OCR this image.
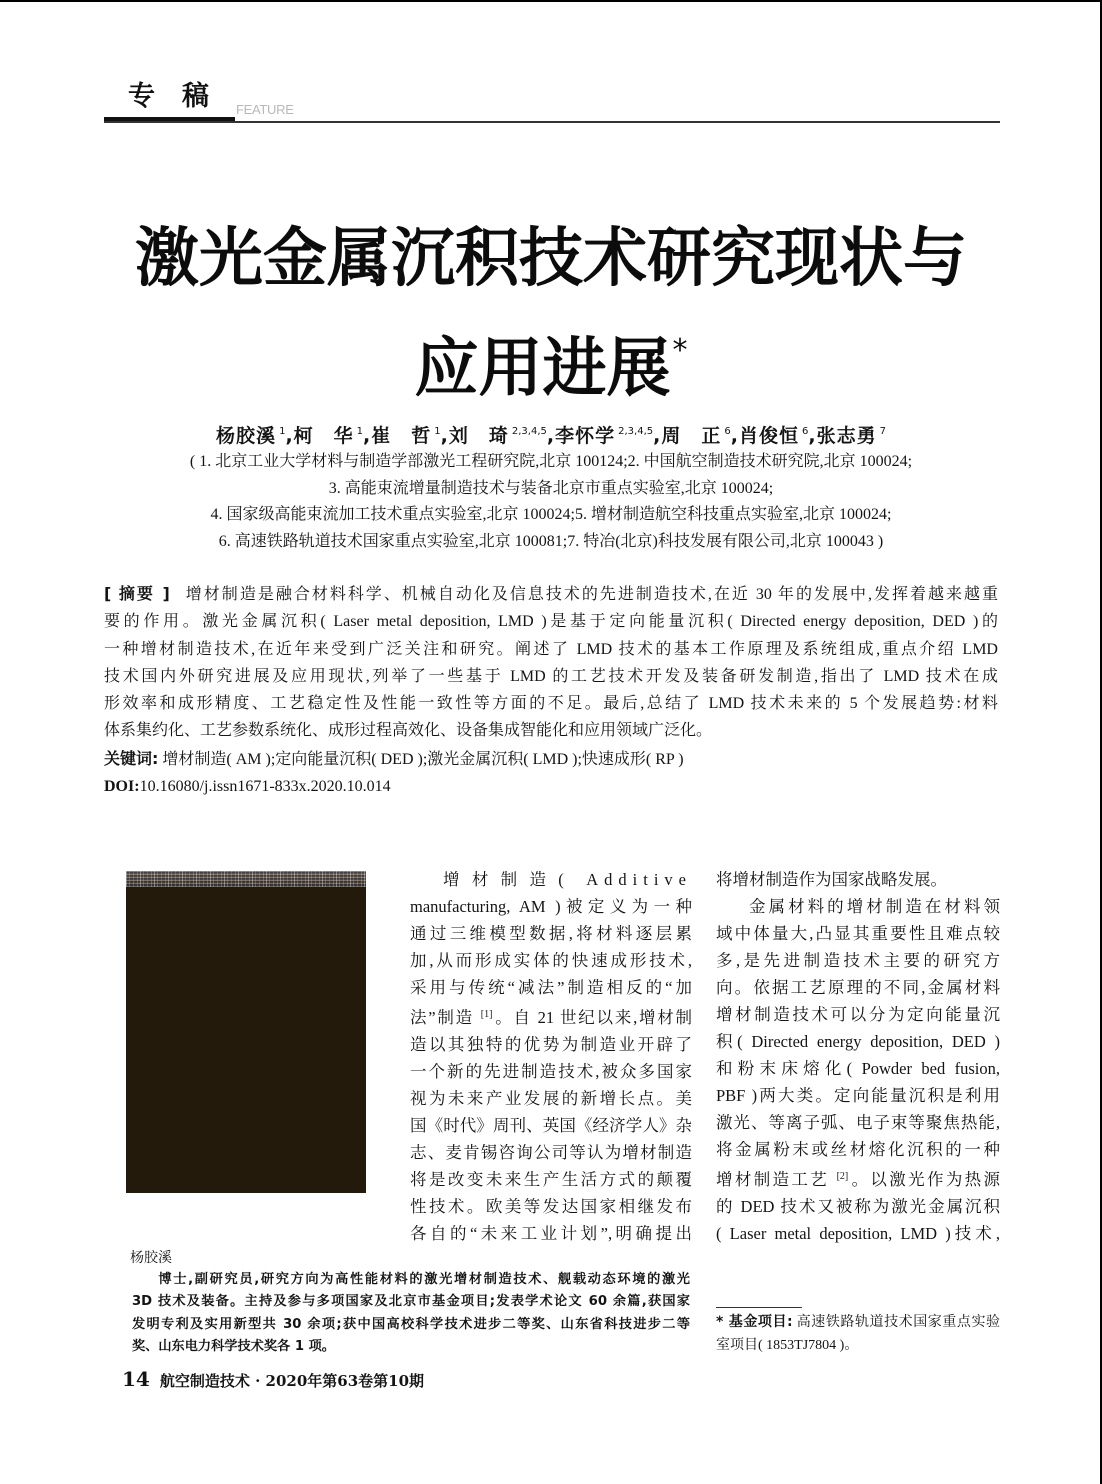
专　稿 FEATURE
激光金属沉积技术研究现状与
应用进展*
杨胶溪 $^1$,柯　华 $^1$,崔　哲 $^1$,刘　琦 $^{2,3,4,5}$,李怀学 $^{2,3,4,5}$,周　正 $^6$,肖俊恒 $^6$,张志勇 $^7$
( 1. 北京工业大学材料与制造学部激光工程研究院,北京 100124;2. 中国航空制造技术研究院,北京 100024;
3. 高能束流增量制造技术与装备北京市重点实验室,北京 100024;
4. 国家级高能束流加工技术重点实验室,北京 100024;5. 增材制造航空科技重点实验室,北京 100024;
6. 高速铁路轨道技术国家重点实验室,北京 100081;7. 特冶(北京)科技发展有限公司,北京 100043 )
[ 摘要 ] 增材制造是融合材料科学、机械自动化及信息技术的先进制造技术,在近 30 年的发展中,发挥着越来越重
要的作用。激光金属沉积( Laser metal deposition, LMD )是基于定向能量沉积( Directed energy deposition, DED )的
一种增材制造技术,在近年来受到广泛关注和研究。阐述了 LMD 技术的基本工作原理及系统组成,重点介绍 LMD
技术国内外研究进展及应用现状,列举了一些基于 LMD 的工艺技术开发及装备研发制造,指出了 LMD 技术在成
形效率和成形精度、工艺稳定性及性能一致性等方面的不足。最后,总结了 LMD 技术未来的 5 个发展趋势:材料
体系集约化、工艺参数系统化、成形过程高效化、设备集成智能化和应用领域广泛化。
关键词: 增材制造( AM );定向能量沉积( DED );激光金属沉积( LMD );快速成形( RP )
DOI:10.16080/j.issn1671-833x.2020.10.014
增材制造( Additive
manufacturing, AM )被定义为一种
通过三维模型数据,将材料逐层累
加,从而形成实体的快速成形技术,
采用与传统“减法”制造相反的“加
法”制造 [1]。自 21 世纪以来,增材制
造以其独特的优势为制造业开辟了
一个新的先进制造技术,被众多国家
视为未来产业发展的新增长点。美
国《时代》周刊、英国《经济学人》杂
志、麦肯锡咨询公司等认为增材制造
将是改变未来生产生活方式的颠覆
性技术。欧美等发达国家相继发布
各自的“未来工业计划”,明确提出
将增材制造作为国家战略发展。
金属材料的增材制造在材料领
域中体量大,凸显其重要性且难点较
多,是先进制造技术主要的研究方
向。依据工艺原理的不同,金属材料
增材制造技术可以分为定向能量沉
积( Directed energy deposition, DED )
和粉末床熔化( Powder bed fusion,
PBF )两大类。定向能量沉积是利用
激光、等离子弧、电子束等聚焦热能,
将金属粉末或丝材熔化沉积的一种
增材制造工艺 [2]。以激光作为热源
的 DED 技术又被称为激光金属沉积
( Laser metal deposition, LMD )技术,
杨胶溪
博士,副研究员,研究方向为高性能材料的激光增材制造技术、舰载动态环境的激光
3D 技术及装备。主持及参与多项国家及北京市基金项目;发表学术论文 60 余篇,获国家
发明专利及实用新型共 30 余项;获中国高校科学技术进步二等奖、山东省科技进步二等
奖、山东电力科学技术奖各 1 项。
* 基金项目: 高速铁路轨道技术国家重点实验
室项目( 1853TJ7804 )。
14 航空制造技术 · 2020年第63卷第10期
